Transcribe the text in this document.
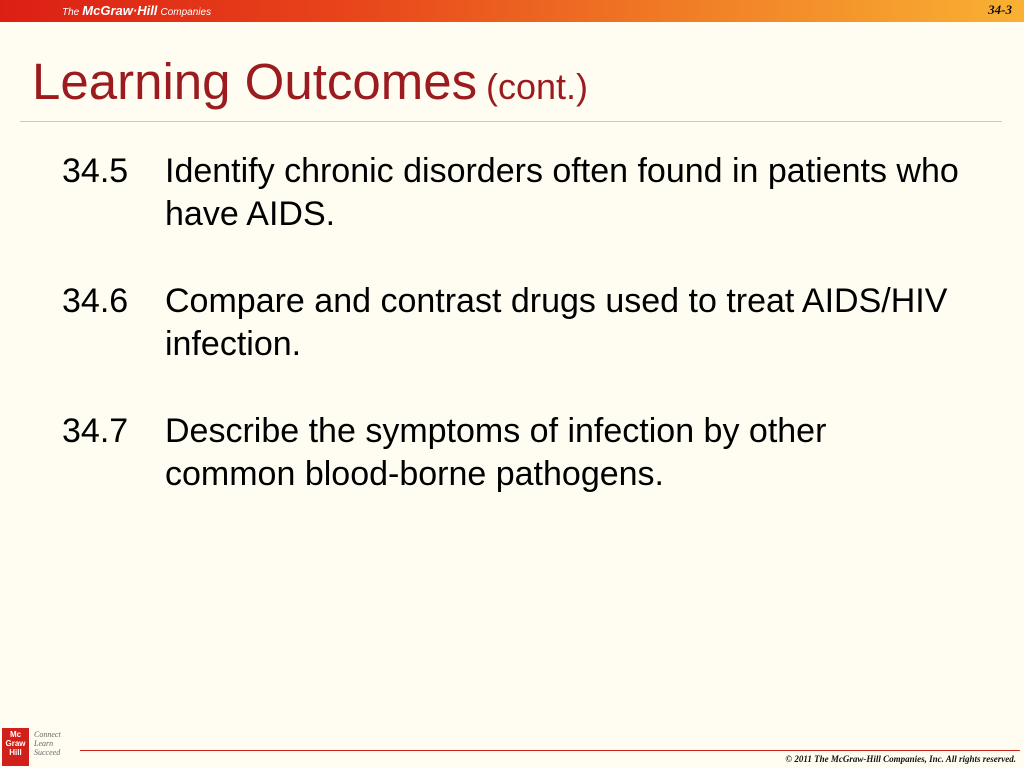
The McGraw·Hill Companies	34-3
Learning Outcomes (cont.)
34.5 Identify chronic disorders often found in patients who have AIDS.
34.6 Compare and contrast drugs used to treat AIDS/HIV infection.
34.7 Describe the symptoms of infection by other common blood-borne pathogens.
Mc Graw Hill
Connect
Learn
Succeed
© 2011 The McGraw-Hill Companies, Inc. All rights reserved.
